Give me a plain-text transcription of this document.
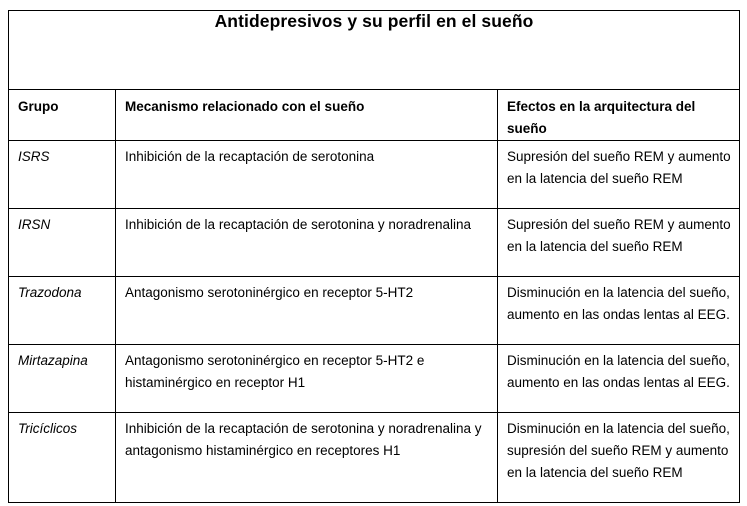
Antidepresivos y su perfil en el sueño		

Grupo	Mecanismo relacionado con el sueño	Efectos en la arquitectura del sueño

ISRS	Inhibición de la recaptación de serotonina	Supresión del sueño REM y aumento en la latencia del sueño REM

IRSN	Inhibición de la recaptación de serotonina y noradrenalina	Supresión del sueño REM y aumento en la latencia del sueño REM

Trazodona	Antagonismo serotoninérgico en receptor 5-HT2	Disminución en la latencia del sueño, aumento en las ondas lentas al EEG.

Mirtazapina	Antagonismo serotoninérgico en receptor 5-HT2 e histaminérgico en receptor H1	Disminución en la latencia del sueño, aumento en las ondas lentas al EEG.

Tricíclicos	Inhibición de la recaptación de serotonina y noradrenalina y antagonismo histaminérgico en receptores H1	Disminución en la latencia del sueño, supresión del sueño REM y aumento en la latencia del sueño REM
